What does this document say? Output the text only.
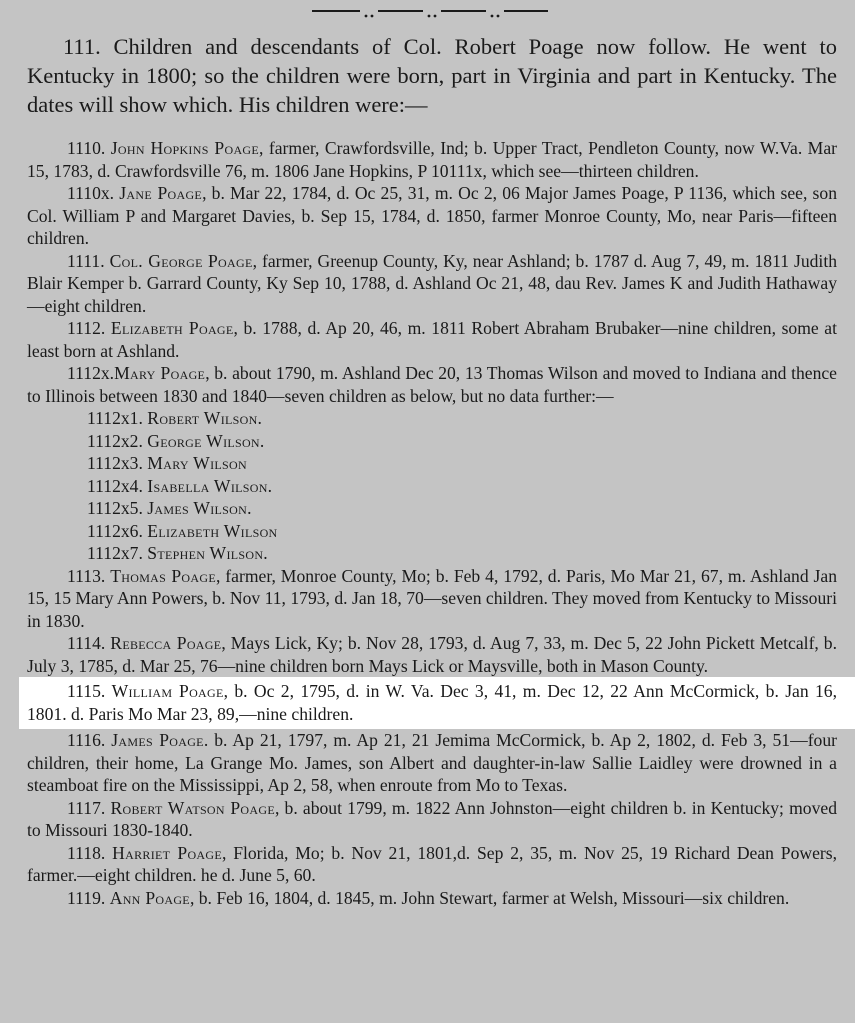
111. Children and descendants of Col. Robert Poage now follow. He went to Kentucky in 1800; so the children were born, part in Virginia and part in Kentucky. The dates will show which. His children were:—

1110. John Hopkins Poage, farmer, Crawfordsville, Ind; b. Upper Tract, Pendleton County, now W.Va. Mar 15, 1783, d. Crawfordsville 76, m. 1806 Jane Hopkins, P 10111x, which see—thirteen children.

1110x. Jane Poage, b. Mar 22, 1784, d. Oc 25, 31, m. Oc 2, 06 Major James Poage, P 1136, which see, son Col. William P and Margaret Davies, b. Sep 15, 1784, d. 1850, farmer Monroe County, Mo, near Paris—fifteen children.

1111. Col. George Poage, farmer, Greenup County, Ky, near Ashland; b. 1787 d. Aug 7, 49, m. 1811 Judith Blair Kemper b. Garrard County, Ky Sep 10, 1788, d. Ashland Oc 21, 48, dau Rev. James K and Judith Hathaway—eight children.

1112. Elizabeth Poage, b. 1788, d. Ap 20, 46, m. 1811 Robert Abraham Brubaker—nine children, some at least born at Ashland.

1112x.Mary Poage, b. about 1790, m. Ashland Dec 20, 13 Thomas Wilson and moved to Indiana and thence to Illinois between 1830 and 1840—seven children as below, but no data further:—

1112x1. Robert Wilson.
1112x2. George Wilson.
1112x3. Mary Wilson
1112x4. Isabella Wilson.
1112x5. James Wilson.
1112x6. Elizabeth Wilson
1112x7. Stephen Wilson.

1113. Thomas Poage, farmer, Monroe County, Mo; b. Feb 4, 1792, d. Paris, Mo Mar 21, 67, m. Ashland Jan 15, 15 Mary Ann Powers, b. Nov 11, 1793, d. Jan 18, 70—seven children. They moved from Kentucky to Missouri in 1830.

1114. Rebecca Poage, Mays Lick, Ky; b. Nov 28, 1793, d. Aug 7, 33, m. Dec 5, 22 John Pickett Metcalf, b. July 3, 1785, d. Mar 25, 76—nine children born Mays Lick or Maysville, both in Mason County.

1115. William Poage, b. Oc 2, 1795, d. in W. Va. Dec 3, 41, m. Dec 12, 22 Ann McCormick, b. Jan 16, 1801. d. Paris Mo Mar 23, 89,—nine children.

1116. James Poage. b. Ap 21, 1797, m. Ap 21, 21 Jemima McCormick, b. Ap 2, 1802, d. Feb 3, 51—four children, their home, La Grange Mo. James, son Albert and daughter-in-law Sallie Laidley were drowned in a steamboat fire on the Mississippi, Ap 2, 58, when enroute from Mo to Texas.

1117. Robert Watson Poage, b. about 1799, m. 1822 Ann Johnston—eight children b. in Kentucky; moved to Missouri 1830-1840.

1118. Harriet Poage, Florida, Mo; b. Nov 21, 1801,d. Sep 2, 35, m. Nov 25, 19 Richard Dean Powers, farmer.—eight children. he d. June 5, 60.

1119. Ann Poage, b. Feb 16, 1804, d. 1845, m. John Stewart, farmer at Welsh, Missouri—six children.
